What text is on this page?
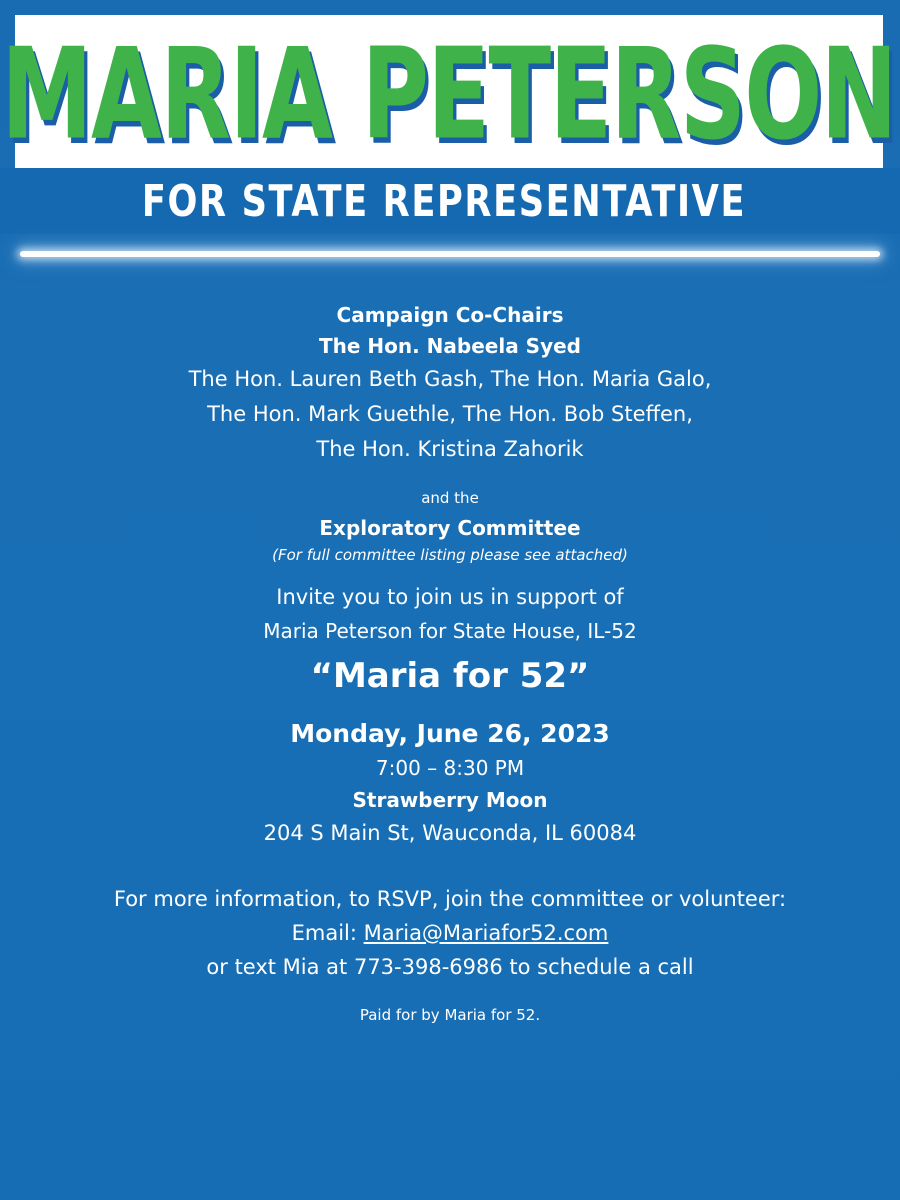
MARIA PETERSON
FOR STATE REPRESENTATIVE
Campaign Co-Chairs
The Hon. Nabeela Syed
The Hon. Lauren Beth Gash, The Hon. Maria Galo,
The Hon. Mark Guethle, The Hon. Bob Steffen,
The Hon. Kristina Zahorik
and the
Exploratory Committee
(For full committee listing please see attached)
Invite you to join us in support of
Maria Peterson for State House, IL-52
“Maria for 52”
Monday, June 26, 2023
7:00 – 8:30 PM
Strawberry Moon
204 S Main St, Wauconda, IL 60084
For more information, to RSVP, join the committee or volunteer:
Email: Maria@Mariafor52.com
or text Mia at 773-398-6986 to schedule a call
Paid for by Maria for 52.
